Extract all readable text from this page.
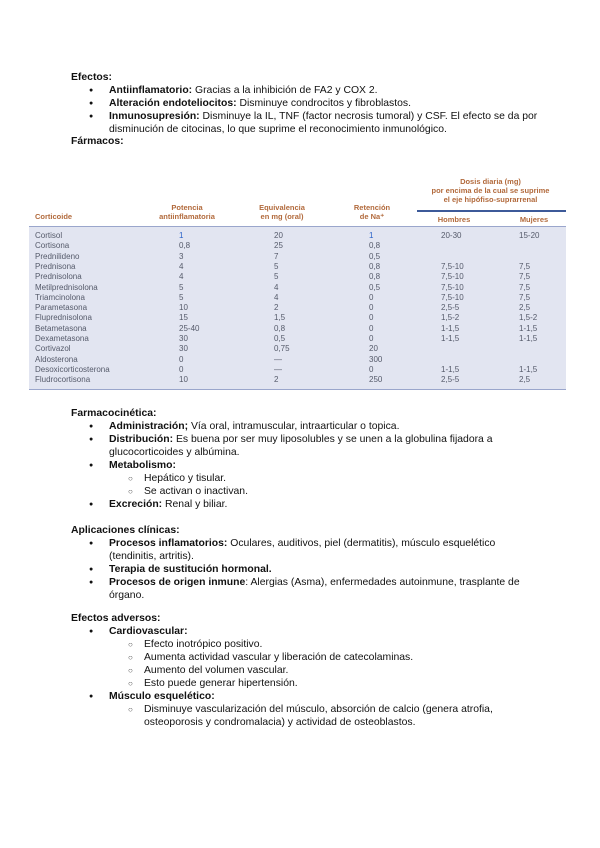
Efectos:
● Antiinflamatorio: Gracias a la inhibición de FA2 y COX 2.
● Alteración endoteliocitos: Disminuye condrocitos y fibroblastos.
● Inmunosupresión: Disminuye la IL, TNF (factor necrosis tumoral) y CSF. El efecto se da por disminución de citocinas, lo que suprime el reconocimiento inmunológico.
Fármacos:
Corticoide
Potencia
antiinflamatoria
Equivalencia
en mg (oral)
Retención
de Na⁺
Dosis diaria (mg)
por encima de la cual se suprime
el eje hipófiso-suprarrenal
Hombres	Mujeres
Cortisol	1	20	1	20-30	15-20
Cortisona	0,8	25	0,8
Prednilideno	3	7	0,5
Prednisona	4	5	0,8	7,5-10	7,5
Prednisolona	4	5	0,8	7,5-10	7,5
Metilprednisolona	5	4	0,5	7,5-10	7,5
Triamcinolona	5	4	0	7,5-10	7,5
Parametasona	10	2	0	2,5-5	2,5
Fluprednisolona	15	1,5	0	1,5-2	1,5-2
Betametasona	25-40	0,8	0	1-1,5	1-1,5
Dexametasona	30	0,5	0	1-1,5	1-1,5
Cortivazol	30	0,75	20
Aldosterona	0	—	300
Desoxicorticosterona	0	—	0	1-1,5	1-1,5
Fludrocortisona	10	2	250	2,5-5	2,5
Farmacocinética:
● Administración; Vía oral, intramuscular, intraarticular o topica.
● Distribución: Es buena por ser muy liposolubles y se unen a la globulina fijadora a glucocorticoides y albúmina.
● Metabolismo:
○ Hepático y tisular.
○ Se activan o inactivan.
● Excreción: Renal y biliar.
Aplicaciones clínicas:
● Procesos inflamatorios: Oculares, auditivos, piel (dermatitis), músculo esquelético (tendinitis, artritis).
● Terapia de sustitución hormonal.
● Procesos de origen inmune: Alergias (Asma), enfermedades autoinmune, trasplante de órgano.
Efectos adversos:
● Cardiovascular:
○ Efecto inotrópico positivo.
○ Aumenta actividad vascular y liberación de catecolaminas.
○ Aumento del volumen vascular.
○ Esto puede generar hipertensión.
● Músculo esquelético:
○ Disminuye vascularización del músculo, absorción de calcio (genera atrofia, osteoporosis y condromalacia) y actividad de osteoblastos.
